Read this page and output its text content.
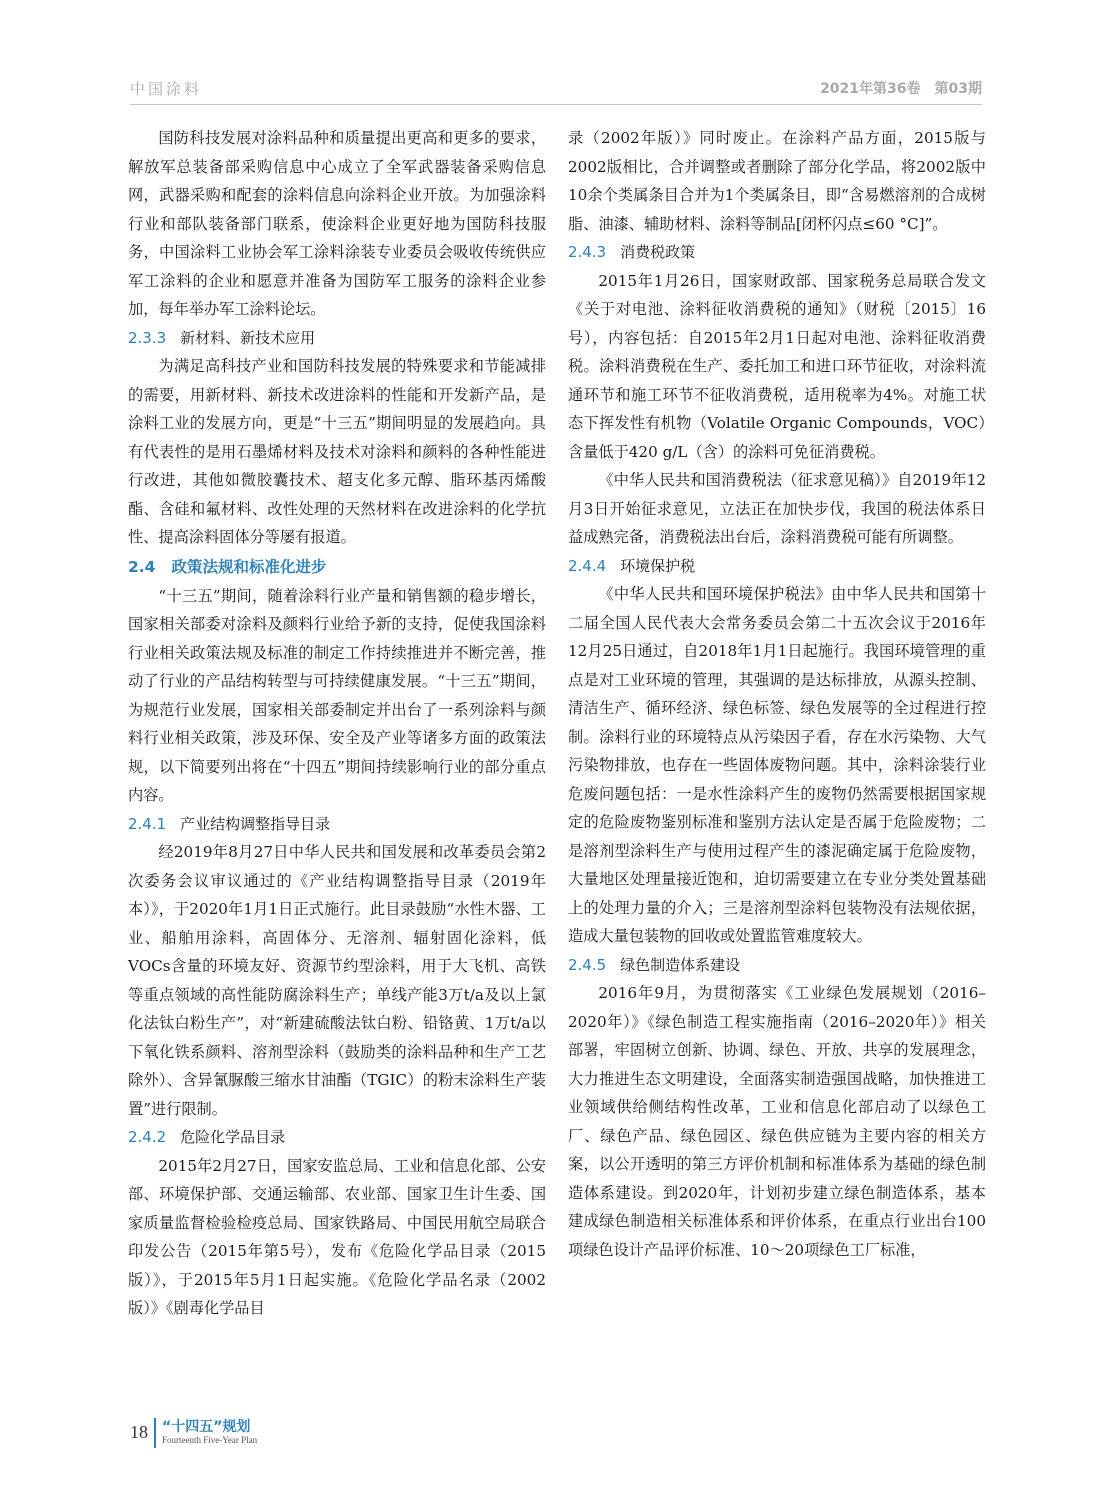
中国涂料	2021年第36卷　第03期

国防科技发展对涂料品种和质量提出更高和更多的要求，解放军总装备部采购信息中心成立了全军武器装备采购信息网，武器采购和配套的涂料信息向涂料企业开放。为加强涂料行业和部队装备部门联系，使涂料企业更好地为国防科技服务，中国涂料工业协会军工涂料涂装专业委员会吸收传统供应军工涂料的企业和愿意并准备为国防军工服务的涂料企业参加，每年举办军工涂料论坛。

2.3.3 新材料、新技术应用

为满足高科技产业和国防科技发展的特殊要求和节能减排的需要，用新材料、新技术改进涂料的性能和开发新产品，是涂料工业的发展方向，更是“十三五”期间明显的发展趋向。具有代表性的是用石墨烯材料及技术对涂料和颜料的各种性能进行改进，其他如微胶囊技术、超支化多元醇、脂环基丙烯酸酯、含硅和氟材料、改性处理的天然材料在改进涂料的化学抗性、提高涂料固体分等屡有报道。

2.4 政策法规和标准化进步

“十三五”期间，随着涂料行业产量和销售额的稳步增长，国家相关部委对涂料及颜料行业给予新的支持，促使我国涂料行业相关政策法规及标准的制定工作持续推进并不断完善，推动了行业的产品结构转型与可持续健康发展。“十三五”期间，为规范行业发展，国家相关部委制定并出台了一系列涂料与颜料行业相关政策，涉及环保、安全及产业等诸多方面的政策法规，以下简要列出将在“十四五”期间持续影响行业的部分重点内容。

2.4.1 产业结构调整指导目录

经2019年8月27日中华人民共和国发展和改革委员会第2次委务会议审议通过的《产业结构调整指导目录（2019年本）》，于2020年1月1日正式施行。此目录鼓励“水性木器、工业、船舶用涂料，高固体分、无溶剂、辐射固化涂料，低VOCs含量的环境友好、资源节约型涂料，用于大飞机、高铁等重点领域的高性能防腐涂料生产；单线产能3万t/a及以上氯化法钛白粉生产”，对“新建硫酸法钛白粉、铅铬黄、1万t/a以下氧化铁系颜料、溶剂型涂料（鼓励类的涂料品种和生产工艺除外）、含异氰脲酸三缩水甘油酯（TGIC）的粉末涂料生产装置”进行限制。

2.4.2 危险化学品目录

2015年2月27日，国家安监总局、工业和信息化部、公安部、环境保护部、交通运输部、农业部、国家卫生计生委、国家质量监督检验检疫总局、国家铁路局、中国民用航空局联合印发公告（2015年第5号），发布《危险化学品目录（2015版）》，于2015年5月1日起实施。《危险化学品名录（2002版）》《剧毒化学品目

录（2002年版）》同时废止。在涂料产品方面，2015版与2002版相比，合并调整或者删除了部分化学品，将2002版中10余个类属条目合并为1个类属条目，即“含易燃溶剂的合成树脂、油漆、辅助材料、涂料等制品[闭杯闪点≤60 °C]”。

2.4.3 消费税政策

2015年1月26日，国家财政部、国家税务总局联合发文《关于对电池、涂料征收消费税的通知》（财税〔2015〕16号），内容包括：自2015年2月1日起对电池、涂料征收消费税。涂料消费税在生产、委托加工和进口环节征收，对涂料流通环节和施工环节不征收消费税，适用税率为4%。对施工状态下挥发性有机物（Volatile Organic Compounds，VOC）含量低于420 g/L（含）的涂料可免征消费税。

《中华人民共和国消费税法（征求意见稿）》自2019年12月3日开始征求意见，立法正在加快步伐，我国的税法体系日益成熟完备，消费税法出台后，涂料消费税可能有所调整。

2.4.4 环境保护税

《中华人民共和国环境保护税法》由中华人民共和国第十二届全国人民代表大会常务委员会第二十五次会议于2016年12月25日通过，自2018年1月1日起施行。我国环境管理的重点是对工业环境的管理，其强调的是达标排放，从源头控制、清洁生产、循环经济、绿色标签、绿色发展等的全过程进行控制。涂料行业的环境特点从污染因子看，存在水污染物、大气污染物排放，也存在一些固体废物问题。其中，涂料涂装行业危废问题包括：一是水性涂料产生的废物仍然需要根据国家规定的危险废物鉴别标准和鉴别方法认定是否属于危险废物；二是溶剂型涂料生产与使用过程产生的漆泥确定属于危险废物，大量地区处理量接近饱和，迫切需要建立在专业分类处置基础上的处理力量的介入；三是溶剂型涂料包装物没有法规依据，造成大量包装物的回收或处置监管难度较大。

2.4.5 绿色制造体系建设

2016年9月，为贯彻落实《工业绿色发展规划（2016–2020年）》《绿色制造工程实施指南（2016–2020年）》相关部署，牢固树立创新、协调、绿色、开放、共享的发展理念，大力推进生态文明建设，全面落实制造强国战略，加快推进工业领域供给侧结构性改革，工业和信息化部启动了以绿色工厂、绿色产品、绿色园区、绿色供应链为主要内容的相关方案，以公开透明的第三方评价机制和标准体系为基础的绿色制造体系建设。到2020年，计划初步建立绿色制造体系，基本建成绿色制造相关标准体系和评价体系，在重点行业出台100项绿色设计产品评价标准、10～20项绿色工厂标准，

18 “十四五”规划
Fourteenth Five-Year Plan
